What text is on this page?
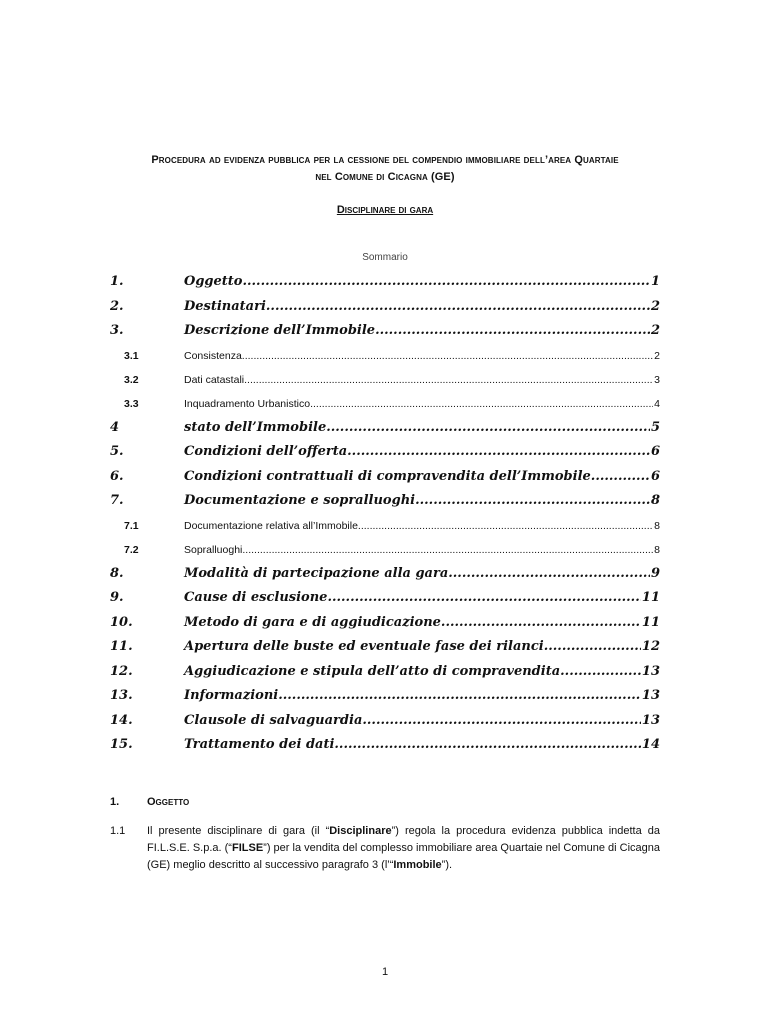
Procedura ad evidenza pubblica per la cessione del compendio immobiliare dell’area Quartaie
nel Comune di Cicagna (GE)
Disciplinare di gara
Sommario
1.	Oggetto .....	1
2.	Destinatari .....	2
3.	Descrizione dell’Immobile .....	2
3.1	Consistenza .....	2
3.2	Dati catastali .....	3
3.3	Inquadramento Urbanistico .....	4
4	stato dell’Immobile .....	5
5.	Condizioni dell’offerta .....	6
6.	Condizioni contrattuali di compravendita dell’Immobile .....	6
7.	Documentazione e sopralluoghi .....	8
7.1	Documentazione relativa all’Immobile .....	8
7.2	Sopralluoghi .....	8
8.	Modalità di partecipazione alla gara .....	9
9.	Cause di esclusione .....	11
10.	Metodo di gara e di aggiudicazione .....	11
11.	Apertura delle buste ed eventuale fase dei rilanci .....	12
12.	Aggiudicazione e stipula dell’atto di compravendita .....	13
13.	Informazioni .....	13
14.	Clausole di salvaguardia .....	13
15.	Trattamento dei dati .....	14
1.	Oggetto
1.1	Il presente disciplinare di gara (il “Disciplinare”) regola la procedura evidenza pubblica indetta da FI.L.S.E. S.p.a. (“FILSE”) per la vendita del complesso immobiliare area Quartaie nel Comune di Cicagna (GE) meglio descritto al successivo paragrafo 3 (l’“Immobile”).
1
